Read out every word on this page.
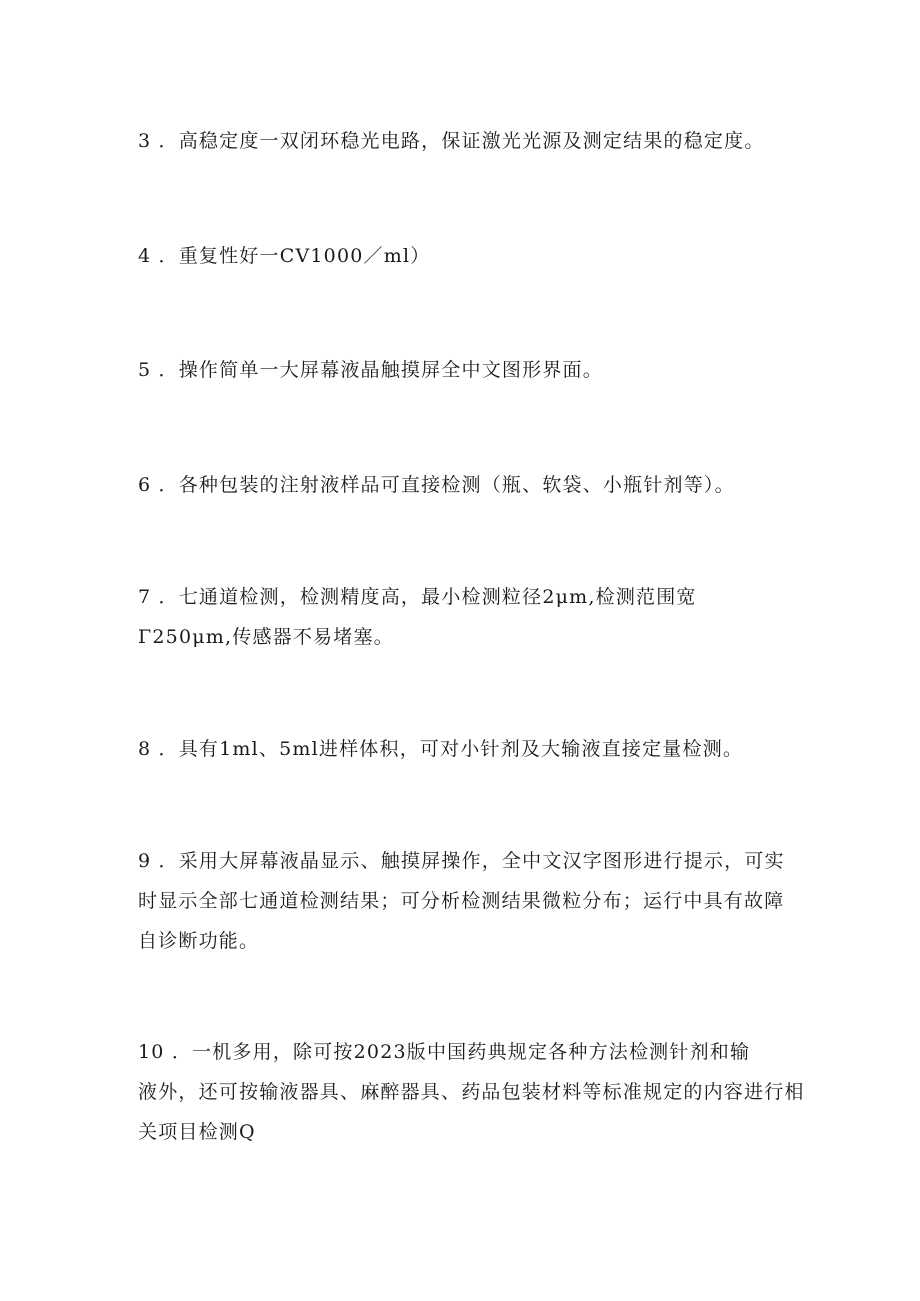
3 ．高稳定度一双闭环稳光电路，保证激光光源及测定结果的稳定度。
4 ．重复性好一CV1000／ml）
5 ．操作简单一大屏幕液晶触摸屏全中文图形界面。
6 ．各种包装的注射液样品可直接检测（瓶、软袋、小瓶针剂等）。
7 ．七通道检测，检测精度高，最小检测粒径2μm,检测范围宽
Γ250μm,传感器不易堵塞。
8 ．具有1ml、5ml进样体积，可对小针剂及大输液直接定量检测。
9 ．采用大屏幕液晶显示、触摸屏操作，全中文汉字图形进行提示，可实
时显示全部七通道检测结果；可分析检测结果微粒分布；运行中具有故障
自诊断功能。
10 ．一机多用，除可按2023版中国药典规定各种方法检测针剂和输
液外，还可按输液器具、麻醉器具、药品包装材料等标准规定的内容进行相
关项目检测Q
